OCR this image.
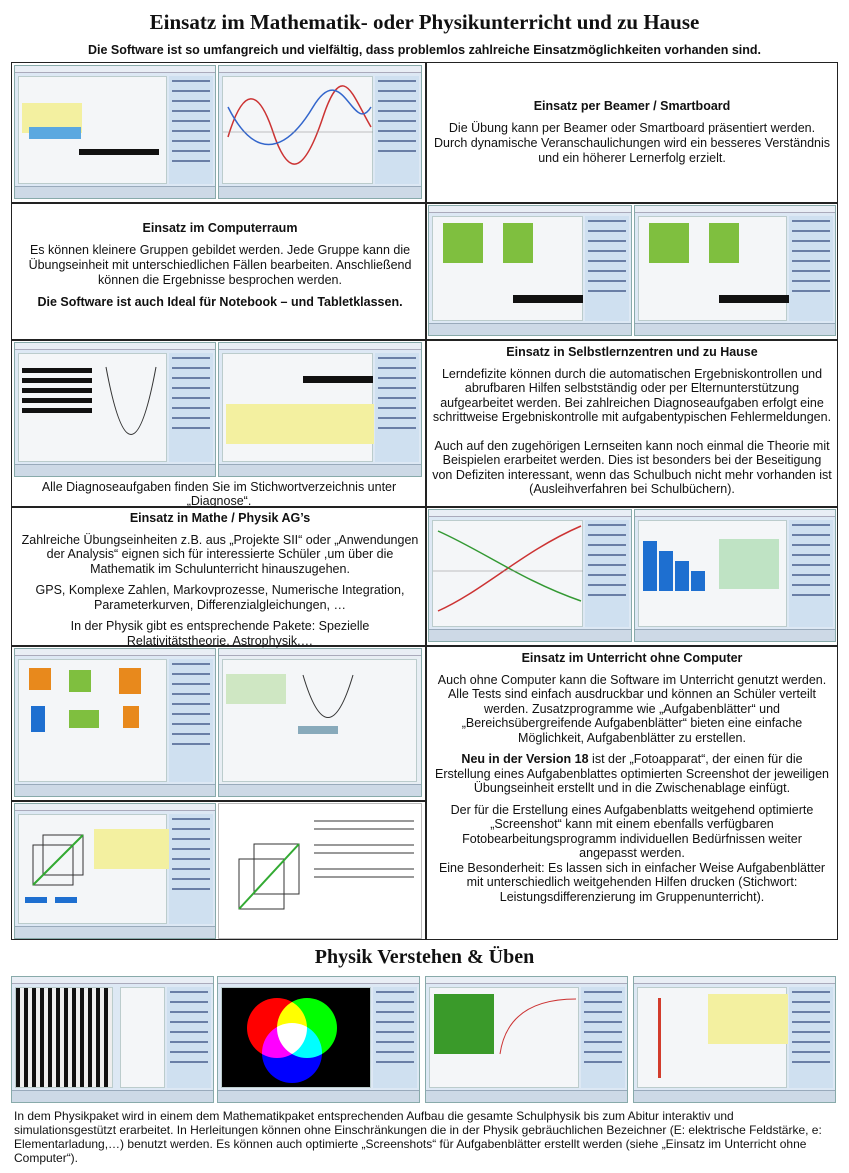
Einsatz im Mathematik- oder Physikunterricht und zu Hause
Die Software ist so umfangreich und vielfältig, dass problemlos zahlreiche Einsatzmöglichkeiten vorhanden sind.
Einsatz per Beamer / Smartboard

Die Übung kann per Beamer oder Smartboard präsentiert werden. Durch dynamische Veranschaulichungen wird ein besseres Verständnis und ein höherer Lernerfolg erzielt.

Einsatz im Computerraum

Es können kleinere Gruppen gebildet werden. Jede Gruppe kann die Übungseinheit mit unterschiedlichen Fällen bearbeiten. Anschließend können die Ergebnisse besprochen werden.

Die Software ist auch Ideal für Notebook – und Tabletklassen.

Alle Diagnoseaufgaben finden Sie im Stichwortverzeichnis unter „Diagnose“.

Einsatz in Selbstlernzentren und zu Hause

Lerndefizite können durch die automatischen Ergebniskontrollen und abrufbaren Hilfen selbstständig oder per Elternunterstützung aufgearbeitet werden. Bei zahlreichen Diagnoseaufgaben erfolgt eine schrittweise Ergebniskontrolle mit aufgabentypischen Fehlermeldungen.

Auch auf den zugehörigen Lernseiten kann noch einmal die Theorie mit Beispielen erarbeitet werden. Dies ist besonders bei der Beseitigung von Defiziten interessant, wenn das Schulbuch nicht mehr vorhanden ist (Ausleihverfahren bei Schulbüchern).

Einsatz in Mathe / Physik AG’s

Zahlreiche Übungseinheiten z.B. aus „Projekte SII“ oder „Anwendungen der Analysis“ eignen sich für interessierte Schüler ,um über die Mathematik im Schulunterricht hinauszugehen.

GPS, Komplexe Zahlen, Markovprozesse, Numerische Integration, Parameterkurven, Differenzialgleichungen, …

In der Physik gibt es entsprechende Pakete: Spezielle Relativitätstheorie, Astrophysik,…

Einsatz im Unterricht ohne Computer

Auch ohne Computer kann die Software im Unterricht genutzt werden.

Alle Tests sind einfach ausdruckbar und können an Schüler verteilt werden. Zusatzprogramme wie „Aufgabenblätter“ und „Bereichsübergreifende Aufgabenblätter“ bieten eine einfache Möglichkeit, Aufgabenblätter zu erstellen.

Neu in der Version 18 ist der „Fotoapparat“, der einen für die Erstellung eines Aufgabenblattes optimierten Screenshot der jeweiligen Übungseinheit erstellt und in die Zwischenablage einfügt.

Der für die Erstellung eines Aufgabenblatts weitgehend optimierte „Screenshot“ kann mit einem ebenfalls verfügbaren Fotobearbeitungsprogramm individuellen Bedürfnissen weiter angepasst werden.

Eine Besonderheit: Es lassen sich in einfacher Weise Aufgabenblätter mit unterschiedlich weitgehenden Hilfen drucken (Stichwort: Leistungsdifferenzierung im Gruppenunterricht).

Physik Verstehen & Üben
In dem Physikpaket wird in einem dem Mathematikpaket entsprechenden Aufbau die gesamte Schulphysik bis zum Abitur interaktiv und simulationsgestützt erarbeitet. In Herleitungen können ohne Einschränkungen die in der Physik gebräuchlichen Bezeichner (E: elektrische Feldstärke, e: Elementarladung,…) benutzt werden. Es können auch optimierte „Screenshots“ für Aufgabenblätter erstellt werden (siehe „Einsatz im Unterricht ohne Computer“).
